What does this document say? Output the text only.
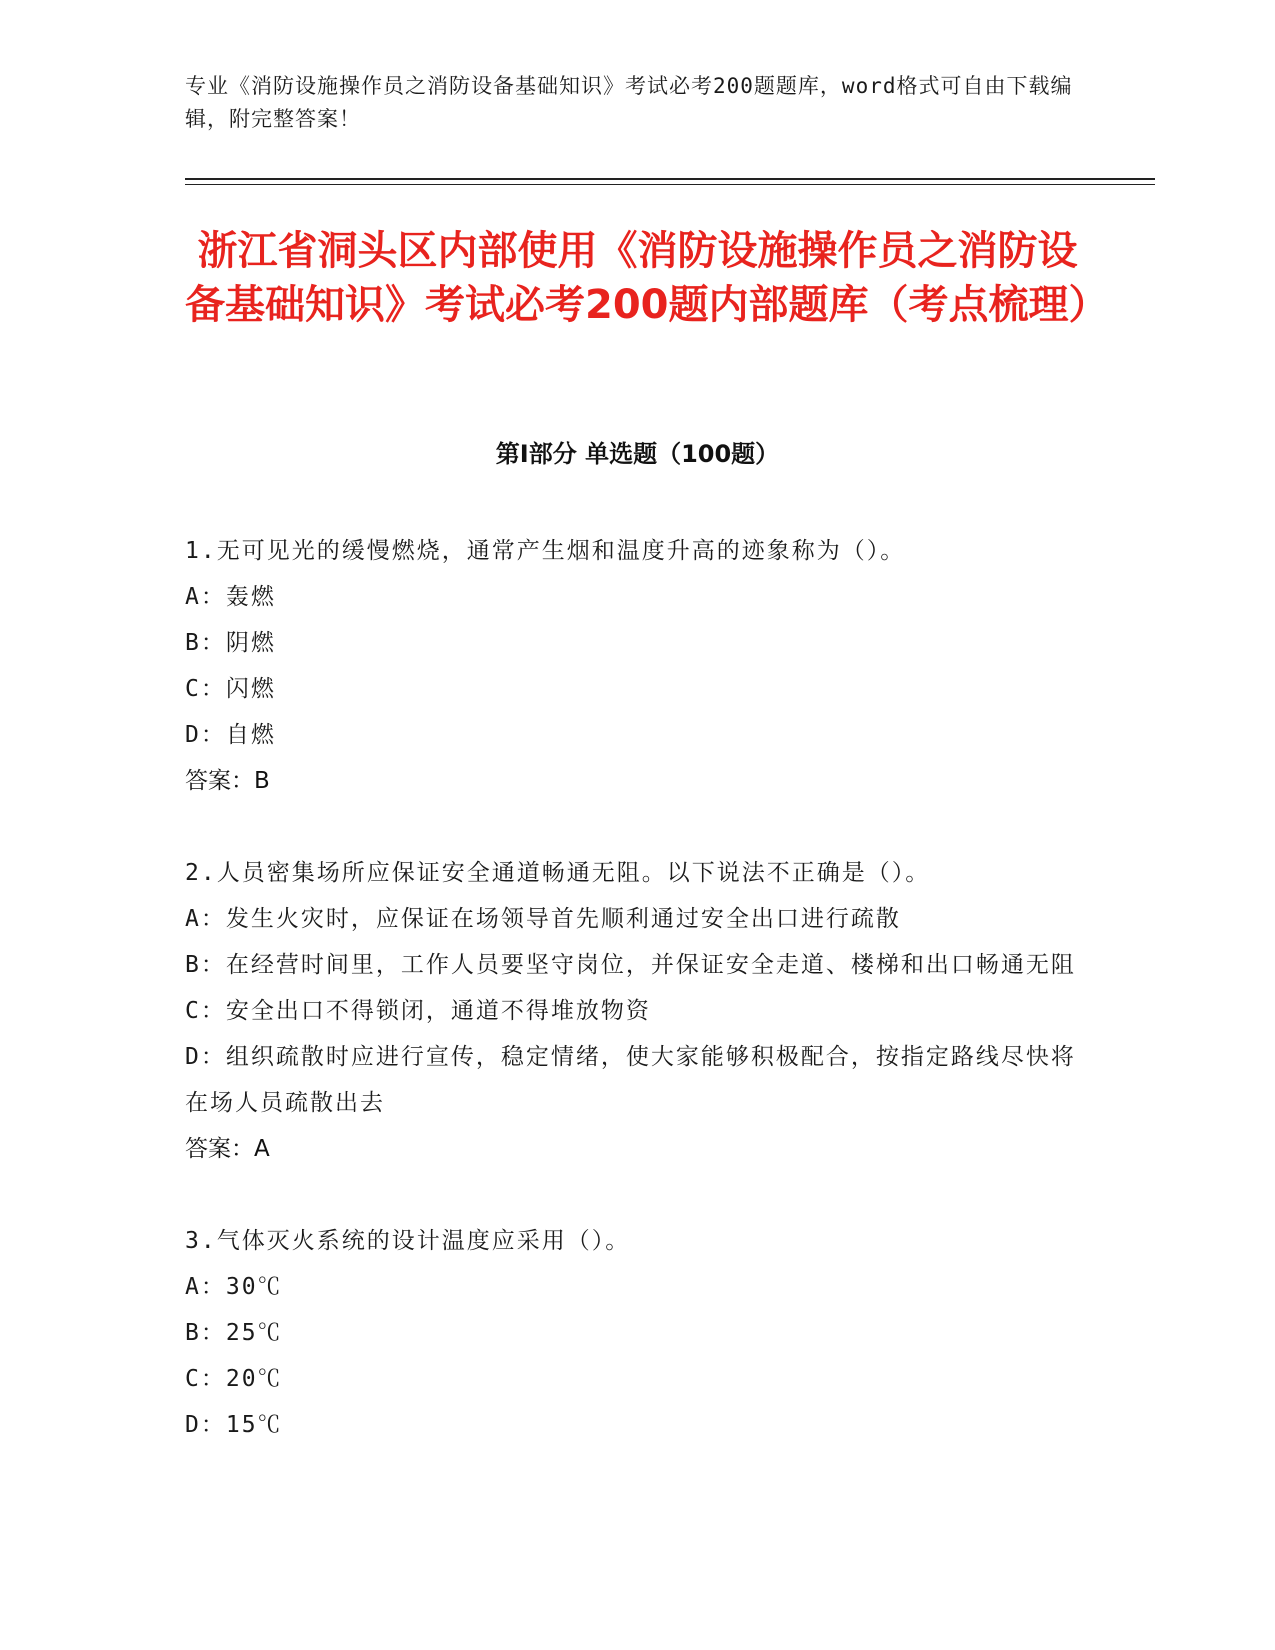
专业《消防设施操作员之消防设备基础知识》考试必考200题题库，word格式可自由下载编辑，附完整答案！
浙江省洞头区内部使用《消防设施操作员之消防设备基础知识》考试必考200题内部题库（考点梳理）
第Ⅰ部分 单选题（100题）
1.无可见光的缓慢燃烧，通常产生烟和温度升高的迹象称为（）。
A：轰燃
B：阴燃
C：闪燃
D：自燃
答案：B
2.人员密集场所应保证安全通道畅通无阻。以下说法不正确是（）。
A：发生火灾时，应保证在场领导首先顺利通过安全出口进行疏散
B：在经营时间里，工作人员要坚守岗位，并保证安全走道、楼梯和出口畅通无阻
C：安全出口不得锁闭，通道不得堆放物资
D：组织疏散时应进行宣传，稳定情绪，使大家能够积极配合，按指定路线尽快将在场人员疏散出去
答案：A
3.气体灭火系统的设计温度应采用（）。
A：30℃
B：25℃
C：20℃
D：15℃
